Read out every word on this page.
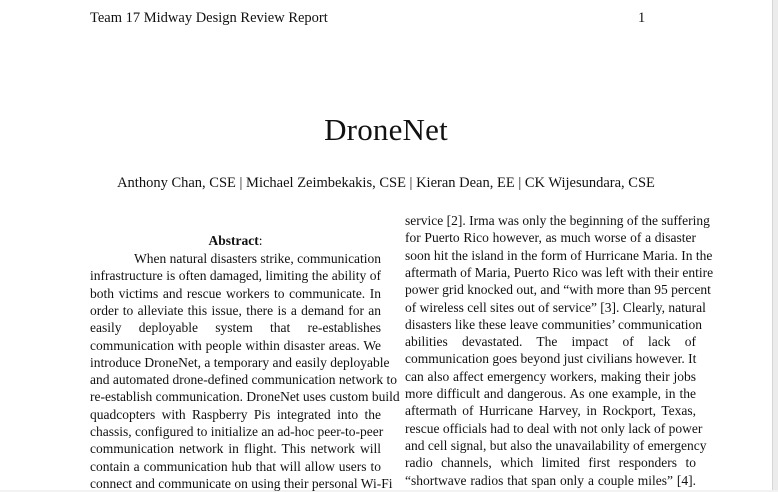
Team 17 Midway Design Review Report	1
DroneNet
Anthony Chan, CSE | Michael Zeimbekakis, CSE | Kieran Dean, EE | CK Wijesundara, CSE
Abstract:
When natural disasters strike, communication
infrastructure is often damaged, limiting the ability of
both victims and rescue workers to communicate. In
order to alleviate this issue, there is a demand for an
easily deployable system that re-establishes
communication with people within disaster areas. We
introduce DroneNet, a temporary and easily deployable
and automated drone-defined communication network to
re-establish communication. DroneNet uses custom build
quadcopters with Raspberry Pis integrated into the
chassis, configured to initialize an ad-hoc peer-to-peer
communication network in flight. This network will
contain a communication hub that will allow users to
connect and communicate on using their personal Wi-Fi
service [2]. Irma was only the beginning of the suffering
for Puerto Rico however, as much worse of a disaster
soon hit the island in the form of Hurricane Maria. In the
aftermath of Maria, Puerto Rico was left with their entire
power grid knocked out, and “with more than 95 percent
of wireless cell sites out of service” [3]. Clearly, natural
disasters like these leave communities’ communication
abilities devastated. The impact of lack of
communication goes beyond just civilians however. It
can also affect emergency workers, making their jobs
more difficult and dangerous. As one example, in the
aftermath of Hurricane Harvey, in Rockport, Texas,
rescue officials had to deal with not only lack of power
and cell signal, but also the unavailability of emergency
radio channels, which limited first responders to
“shortwave radios that span only a couple miles” [4].
